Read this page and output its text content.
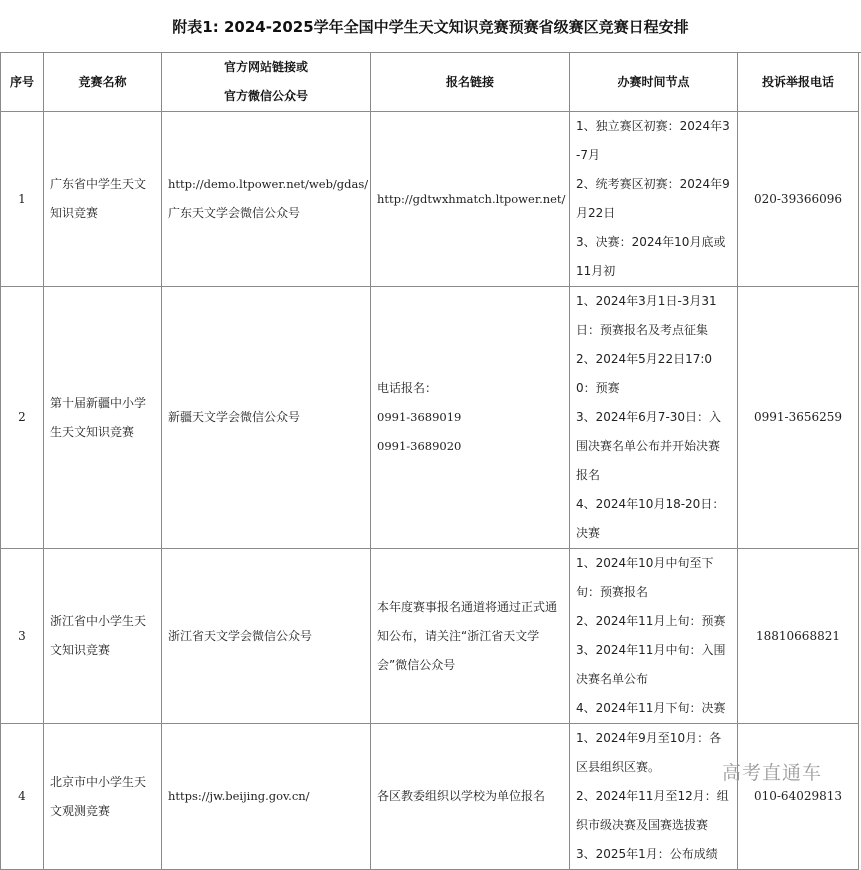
附表1: 2024-2025学年全国中学生天文知识竞赛预赛省级赛区竞赛日程安排
序号	竞赛名称	官方网站链接或
官方微信公众号	报名链接	办赛时间节点	投诉举报电话
1	广东省中学生天文知识竞赛	http://demo.ltpower.net/web/gdas/
广东天文学会微信公众号	http://gdtwxhmatch.ltpower.net/	1、独立赛区初赛：2024年3-7月
2、统考赛区初赛：2024年9月22日
3、决赛：2024年10月底或11月初	020-39366096
2	第十届新疆中小学生天文知识竞赛	新疆天文学会微信公众号	电话报名：
0991-3689019
0991-3689020	1、2024年3月1日-3月31日：预赛报名及考点征集
2、2024年5月22日17:00：预赛
3、2024年6月7-30日：入围决赛名单公布并开始决赛报名
4、2024年10月18-20日：决赛	0991-3656259
3	浙江省中小学生天文知识竞赛	浙江省天文学会微信公众号	本年度赛事报名通道将通过正式通知公布，请关注“浙江省天文学会”微信公众号	1、2024年10月中旬至下旬：预赛报名
2、2024年11月上旬：预赛
3、2024年11月中旬：入围决赛名单公布
4、2024年11月下旬：决赛	18810668821
4	北京市中小学生天文观测竞赛	https://jw.beijing.gov.cn/	各区教委组织以学校为单位报名	1、2024年9月至10月：各区县组织区赛。
2、2024年11月至12月：组织市级决赛及国赛选拔赛
3、2025年1月：公布成绩	010-64029813
高考直通车
